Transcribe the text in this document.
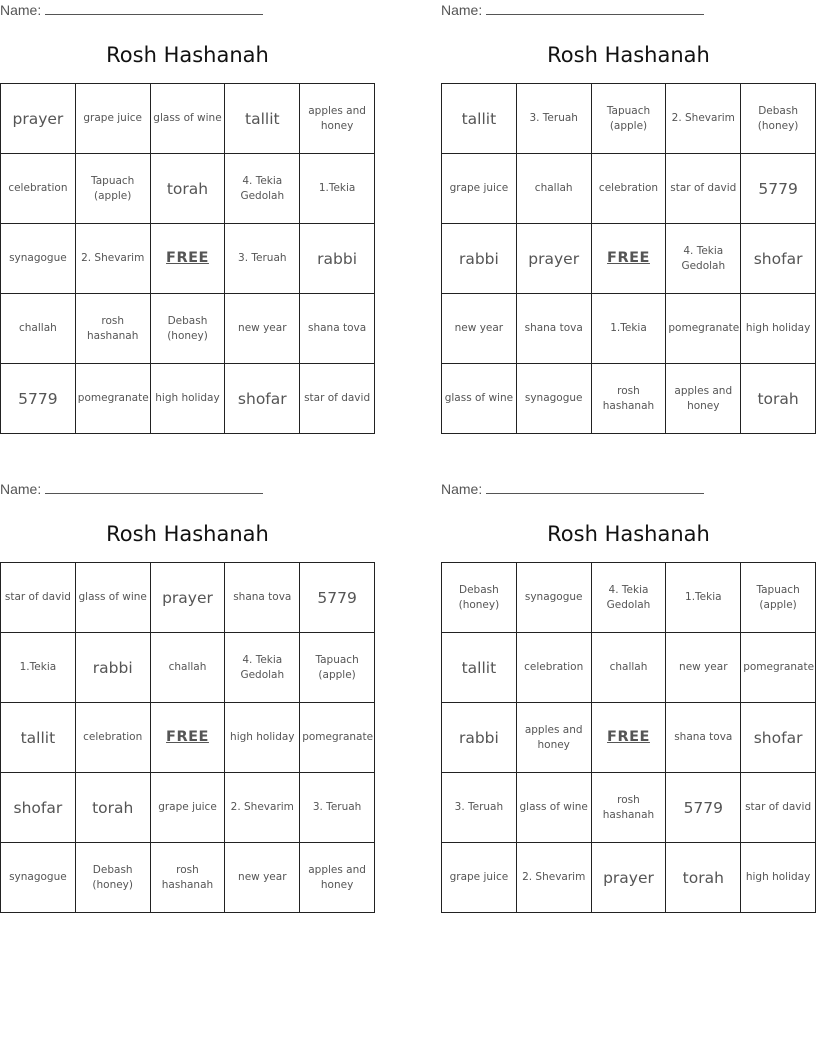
Name:
Rosh Hashanah
prayer	grape juice	glass of wine	tallit	apples and
honey
celebration	Tapuach
(apple)	torah	4. Tekia
Gedolah	1.Tekia
synagogue	2. Shevarim	FREE	3. Teruah	rabbi
challah	rosh hashanah	Debash
(honey)	new year	shana tova
5779	pomegranate	high holiday	shofar	star of david
Name:
Rosh Hashanah
tallit	3. Teruah	Tapuach
(apple)	2. Shevarim	Debash
(honey)
grape juice	challah	celebration	star of david	5779
rabbi	prayer	FREE	4. Tekia
Gedolah	shofar
new year	shana tova	1.Tekia	pomegranate	high holiday
glass of wine	synagogue	rosh hashanah	apples and
honey	torah
Name:
Rosh Hashanah
star of david	glass of wine	prayer	shana tova	5779
1.Tekia	rabbi	challah	4. Tekia
Gedolah	Tapuach
(apple)
tallit	celebration	FREE	high holiday	pomegranate
shofar	torah	grape juice	2. Shevarim	3. Teruah
synagogue	Debash
(honey)	rosh hashanah	new year	apples and
honey
Name:
Rosh Hashanah
Debash
(honey)	synagogue	4. Tekia
Gedolah	1.Tekia	Tapuach
(apple)
tallit	celebration	challah	new year	pomegranate
rabbi	apples and
honey	FREE	shana tova	shofar
3. Teruah	glass of wine	rosh hashanah	5779	star of david
grape juice	2. Shevarim	prayer	torah	high holiday
